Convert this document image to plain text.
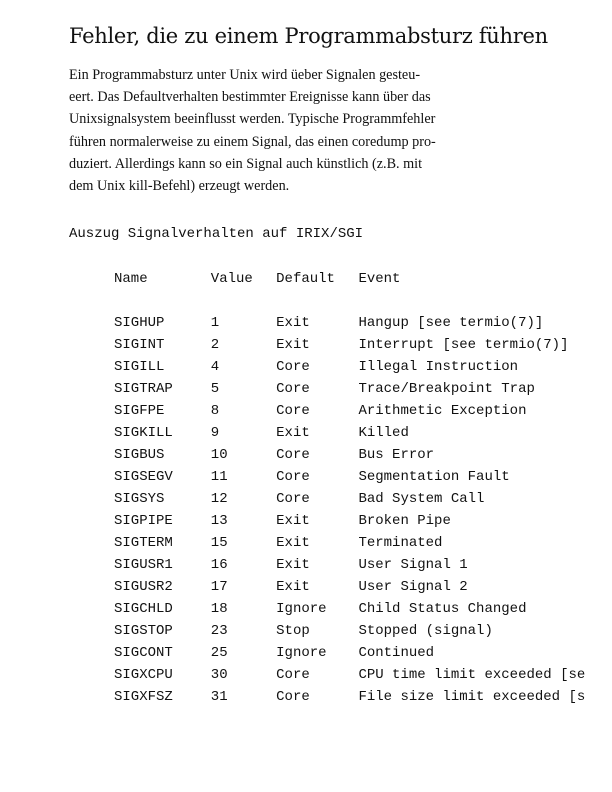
Fehler, die zu einem Programmabsturz führen

Ein Programmabsturz unter Unix wird üeber Signalen gesteu-
eert. Das Defaultverhalten bestimmter Ereignisse kann über das
Unixsignalsystem beeinflusst werden. Typische Programmfehler
führen normalerweise zu einem Signal, das einen coredump pro-
duziert. Allerdings kann so ein Signal auch künstlich (z.B. mit
dem Unix kill-Befehl) erzeugt werden.

Auszug Signalverhalten auf IRIX/SGI
Name	Value	Default	Event

SIGHUP	1	Exit	Hangup [see termio(7)]
SIGINT	2	Exit	Interrupt [see termio(7)]
SIGILL	4	Core	Illegal Instruction
SIGTRAP	5	Core	Trace/Breakpoint Trap
SIGFPE	8	Core	Arithmetic Exception
SIGKILL	9	Exit	Killed
SIGBUS	10	Core	Bus Error
SIGSEGV	11	Core	Segmentation Fault
SIGSYS	12	Core	Bad System Call
SIGPIPE	13	Exit	Broken Pipe
SIGTERM	15	Exit	Terminated
SIGUSR1	16	Exit	User Signal 1
SIGUSR2	17	Exit	User Signal 2
SIGCHLD	18	Ignore	Child Status Changed
SIGSTOP	23	Stop	Stopped (signal)
SIGCONT	25	Ignore	Continued
SIGXCPU	30	Core	CPU time limit exceeded [se
SIGXFSZ	31	Core	File size limit exceeded [s
